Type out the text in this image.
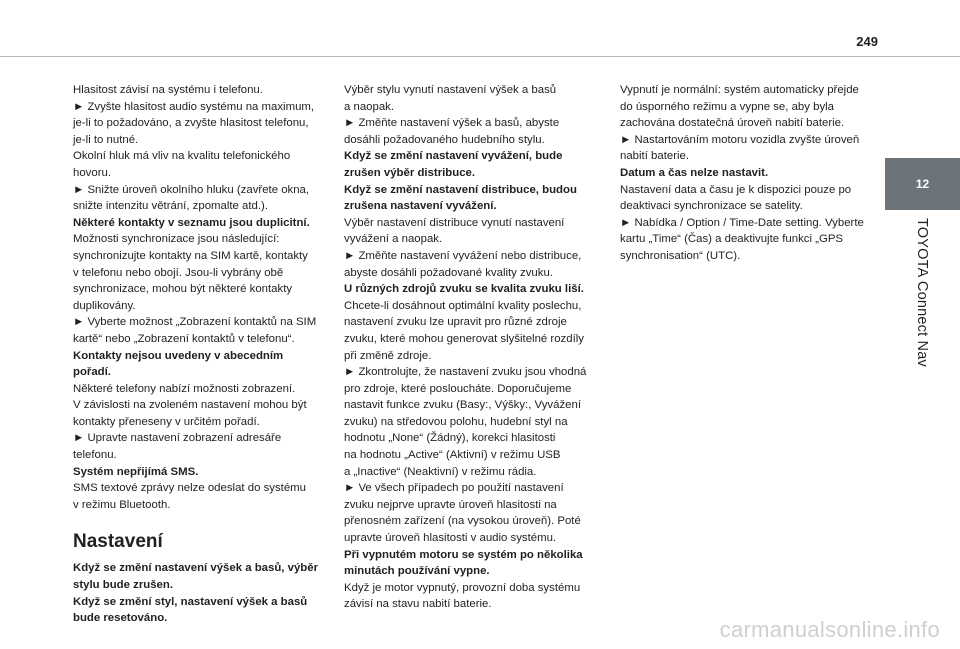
249
12
TOYOTA Connect Nav
Hlasitost závisí na systému i telefonu.
► Zvyšte hlasitost audio systému na maximum,
je-li to požadováno, a zvyšte hlasitost telefonu,
je-li to nutné.
Okolní hluk má vliv na kvalitu telefonického
hovoru.
► Snižte úroveň okolního hluku (zavřete okna,
snižte intenzitu větrání, zpomalte atd.).
Některé kontakty v seznamu jsou duplicitní.
Možnosti synchronizace jsou následující:
synchronizujte kontakty na SIM kartě, kontakty
v telefonu nebo obojí. Jsou-li vybrány obě
synchronizace, mohou být některé kontakty
duplikovány.
► Vyberte možnost „Zobrazení kontaktů na SIM
kartě“ nebo „Zobrazení kontaktů v telefonu“.
Kontakty nejsou uvedeny v abecedním
pořadí.
Některé telefony nabízí možnosti zobrazení.
V závislosti na zvoleném nastavení mohou být
kontakty přeneseny v určitém pořadí.
► Upravte nastavení zobrazení adresáře
telefonu.
Systém nepřijímá SMS.
SMS textové zprávy nelze odeslat do systému
v režimu Bluetooth.
Nastavení
Když se změní nastavení výšek a basů, výběr
stylu bude zrušen.
Když se změní styl, nastavení výšek a basů
bude resetováno.
Výběr stylu vynutí nastavení výšek a basů
a naopak.
► Změňte nastavení výšek a basů, abyste
dosáhli požadovaného hudebního stylu.
Když se změní nastavení vyvážení, bude
zrušen výběr distribuce.
Když se změní nastavení distribuce, budou
zrušena nastavení vyvážení.
Výběr nastavení distribuce vynutí nastavení
vyvážení a naopak.
► Změňte nastavení vyvážení nebo distribuce,
abyste dosáhli požadované kvality zvuku.
U různých zdrojů zvuku se kvalita zvuku liší.
Chcete-li dosáhnout optimální kvality poslechu,
nastavení zvuku lze upravit pro různé zdroje
zvuku, které mohou generovat slyšitelné rozdíly
při změně zdroje.
► Zkontrolujte, že nastavení zvuku jsou vhodná
pro zdroje, které posloucháte. Doporučujeme
nastavit funkce zvuku (Basy:, Výšky:, Vyvážení
zvuku) na středovou polohu, hudební styl na
hodnotu „None“ (Žádný), korekci hlasitosti
na hodnotu „Active“ (Aktivní) v režimu USB
a „Inactive“ (Neaktivní) v režimu rádia.
► Ve všech případech po použití nastavení
zvuku nejprve upravte úroveň hlasitosti na
přenosném zařízení (na vysokou úroveň). Poté
upravte úroveň hlasitosti v audio systému.
Při vypnutém motoru se systém po několika
minutách používání vypne.
Když je motor vypnutý, provozní doba systému
závisí na stavu nabití baterie.
Vypnutí je normální: systém automaticky přejde
do úsporného režimu a vypne se, aby byla
zachována dostatečná úroveň nabití baterie.
► Nastartováním motoru vozidla zvyšte úroveň
nabití baterie.
Datum a čas nelze nastavit.
Nastavení data a času je k dispozici pouze po
deaktivaci synchronizace se satelity.
► Nabídka / Option / Time-Date setting. Vyberte
kartu „Time“ (Čas) a deaktivujte funkci „GPS
synchronisation“ (UTC).
carmanualsonline.info
